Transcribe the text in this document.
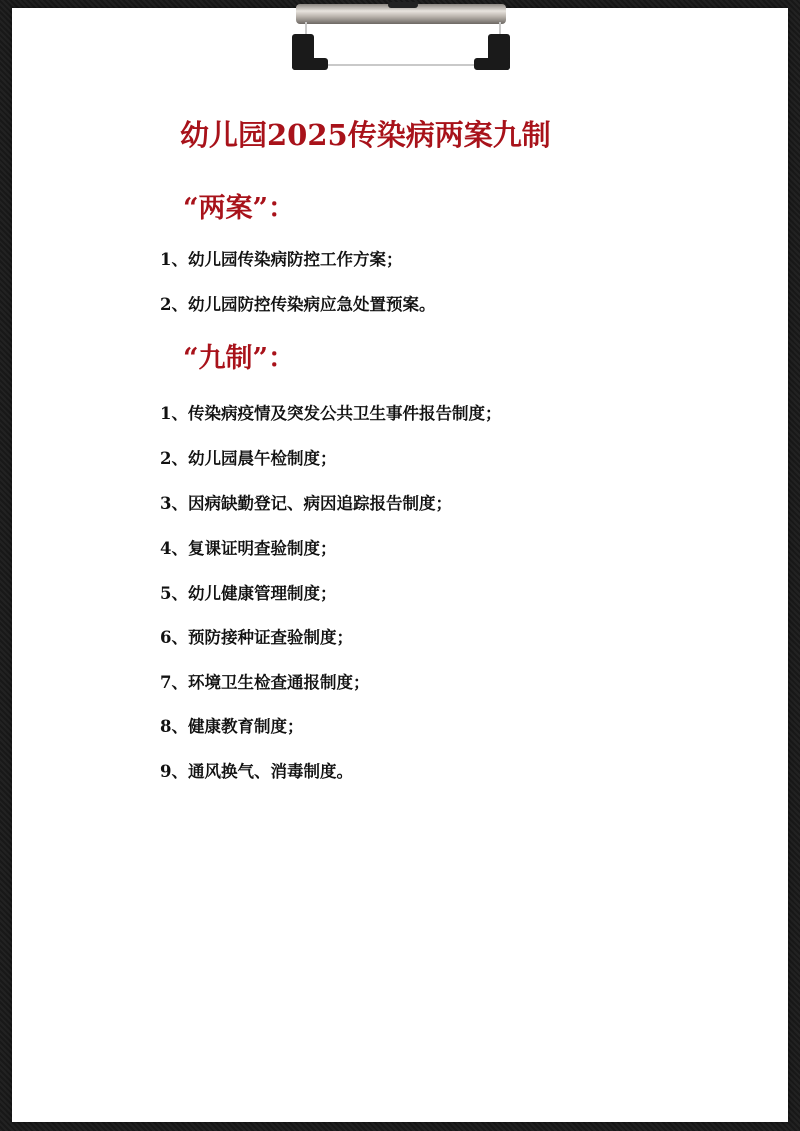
幼儿园2025传染病两案九制
“两案”：
1、幼儿园传染病防控工作方案；
2、幼儿园防控传染病应急处置预案。
“九制”：
1、传染病疫情及突发公共卫生事件报告制度；
2、幼儿园晨午检制度；
3、因病缺勤登记、病因追踪报告制度；
4、复课证明查验制度；
5、幼儿健康管理制度；
6、预防接种证查验制度；
7、环境卫生检查通报制度；
8、健康教育制度；
9、通风换气、消毒制度。
